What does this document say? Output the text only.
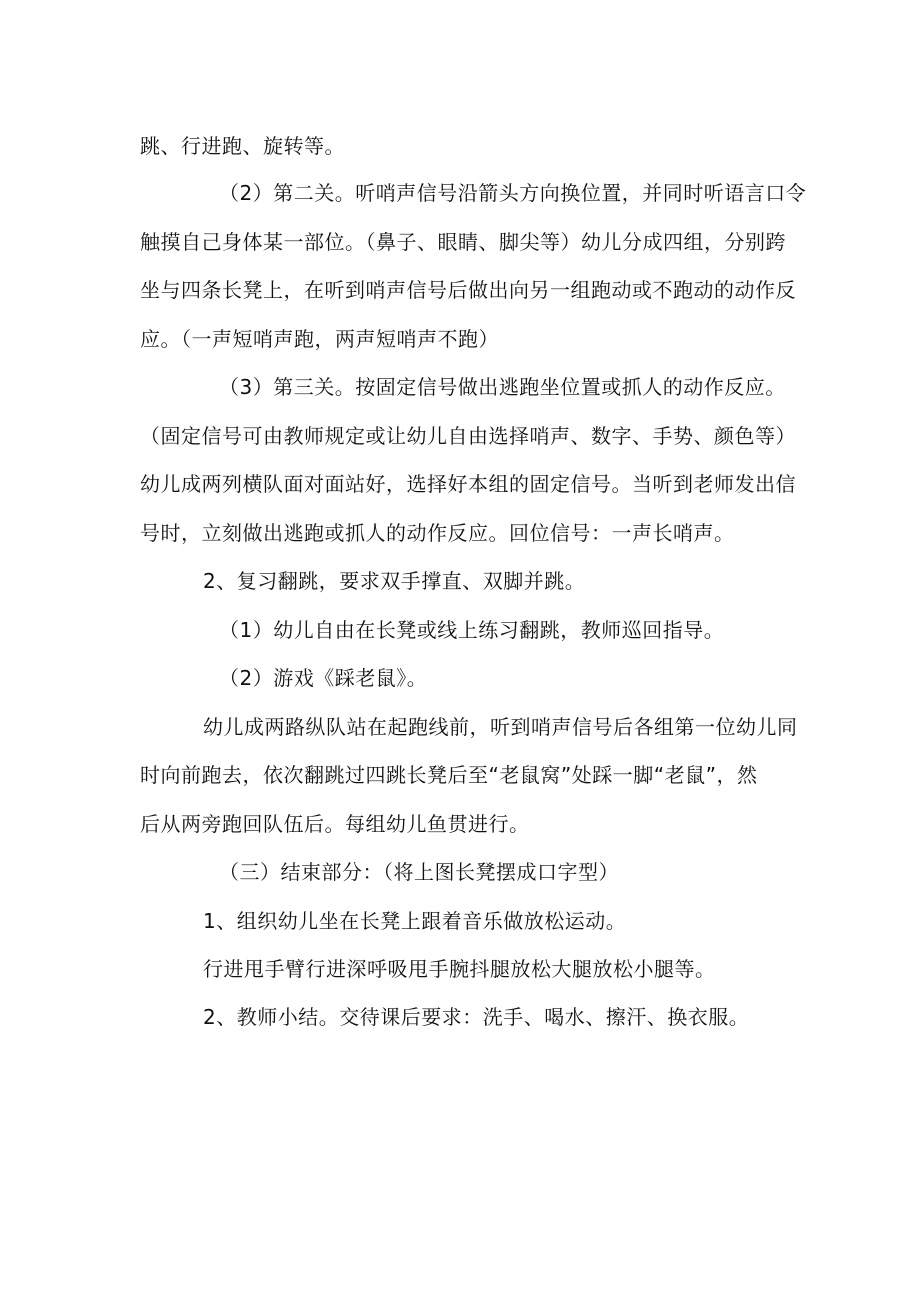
跳、行进跑、旋转等。
（2）第二关。听哨声信号沿箭头方向换位置，并同时听语言口令
触摸自己身体某一部位。（鼻子、眼睛、脚尖等）幼儿分成四组，分别跨
坐与四条长凳上，在听到哨声信号后做出向另一组跑动或不跑动的动作反
应。（一声短哨声跑，两声短哨声不跑）
（3）第三关。按固定信号做出逃跑坐位置或抓人的动作反应。
（固定信号可由教师规定或让幼儿自由选择哨声、数字、手势、颜色等）
幼儿成两列横队面对面站好，选择好本组的固定信号。当听到老师发出信
号时，立刻做出逃跑或抓人的动作反应。回位信号：一声长哨声。
2、复习翻跳，要求双手撑直、双脚并跳。
（1）幼儿自由在长凳或线上练习翻跳，教师巡回指导。
（2）游戏《踩老鼠》。
幼儿成两路纵队站在起跑线前，听到哨声信号后各组第一位幼儿同
时向前跑去，依次翻跳过四跳长凳后至“老鼠窝”处踩一脚“老鼠”，然
后从两旁跑回队伍后。每组幼儿鱼贯进行。
（三）结束部分：（将上图长凳摆成口字型）
1、组织幼儿坐在长凳上跟着音乐做放松运动。
行进甩手臂行进深呼吸甩手腕抖腿放松大腿放松小腿等。
2、教师小结。交待课后要求：洗手、喝水、擦汗、换衣服。
